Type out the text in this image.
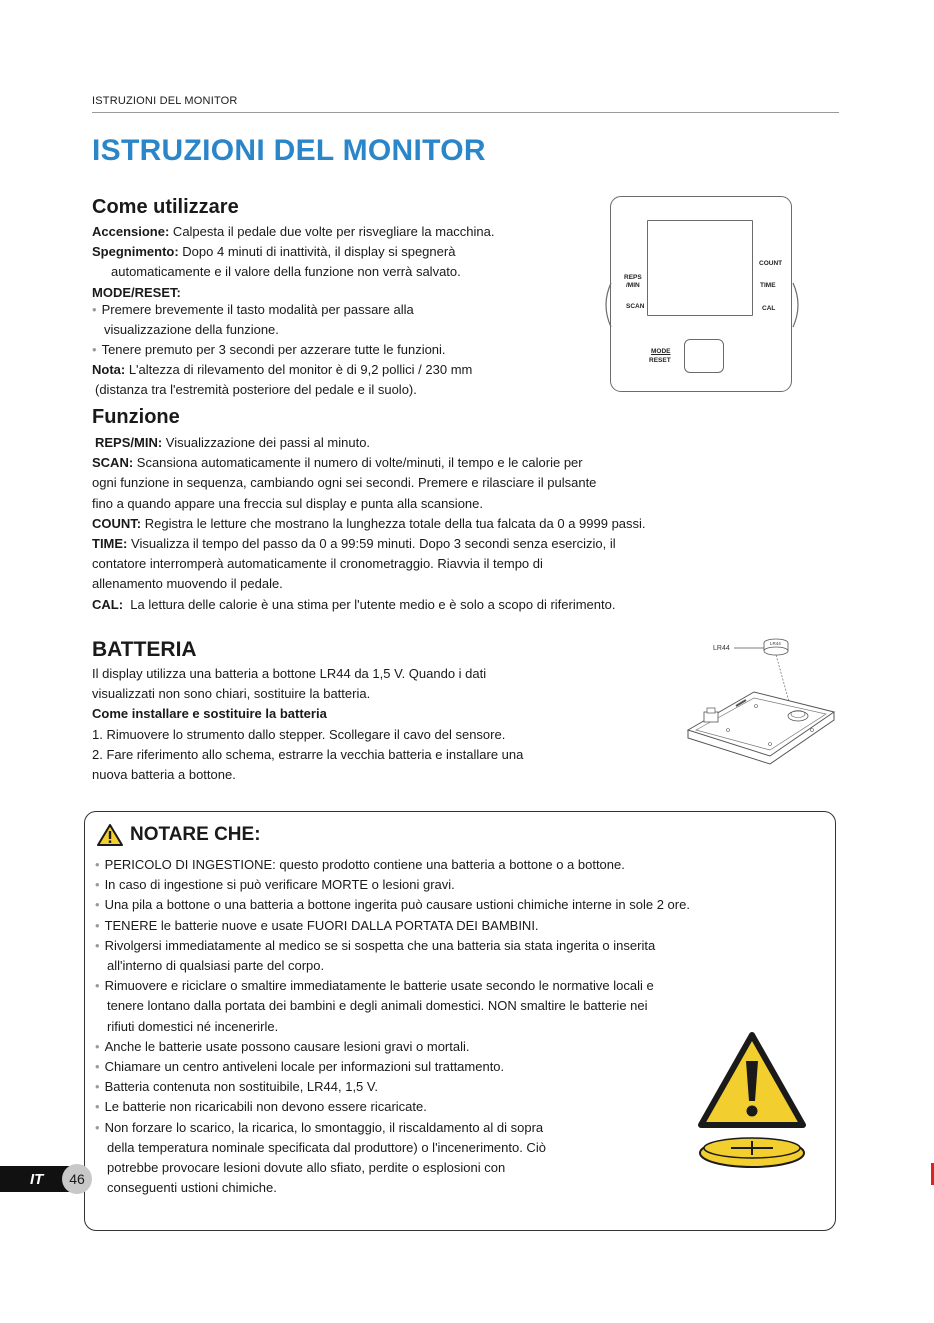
ISTRUZIONI DEL MONITOR
ISTRUZIONI DEL MONITOR
Come utilizzare

Accensione: Calpesta il pedale due volte per risvegliare la macchina.

Spegnimento: Dopo 4 minuti di inattività, il display si spegnerà

automaticamente e il valore della funzione non verrà salvato.

MODE/RESET:

• Premere brevemente il tasto modalità per passare alla

visualizzazione della funzione.

• Tenere premuto per 3 secondi per azzerare tutte le funzioni.

Nota: L'altezza di rilevamento del monitor è di 9,2 pollici / 230 mm

(distanza tra l'estremità posteriore del pedale e il suolo).

REPS
/MIN
SCAN
COUNT
TIME
CAL
MODE
RESET
Funzione

REPS/MIN: Visualizzazione dei passi al minuto.

SCAN: Scansiona automaticamente il numero di volte/minuti, il tempo e le calorie per

ogni funzione in sequenza, cambiando ogni sei secondi. Premere e rilasciare il pulsante

fino a quando appare una freccia sul display e punta alla scansione.

COUNT: Registra le letture che mostrano la lunghezza totale della tua falcata da 0 a 9999 passi.

TIME: Visualizza il tempo del passo da 0 a 99:59 minuti. Dopo 3 secondi senza esercizio, il

contatore interromperà automaticamente il cronometraggio. Riavvia il tempo di

allenamento muovendo il pedale.

CAL:  La lettura delle calorie è una stima per l'utente medio e è solo a scopo di riferimento.

BATTERIA

Il display utilizza una batteria a bottone LR44 da 1,5 V. Quando i dati

visualizzati non sono chiari, sostituire la batteria.

Come installare e sostituire la batteria

1. Rimuovere lo strumento dallo stepper. Scollegare il cavo del sensore.

2. Fare riferimento allo schema, estrarre la vecchia batteria e installare una

nuova batteria a bottone.

LR44
LR44
NOTARE CHE:

• PERICOLO DI INGESTIONE: questo prodotto contiene una batteria a bottone o a bottone.

• In caso di ingestione si può verificare MORTE o lesioni gravi.

• Una pila a bottone o una batteria a bottone ingerita può causare ustioni chimiche interne in sole 2 ore.

• TENERE le batterie nuove e usate FUORI DALLA PORTATA DEI BAMBINI.

• Rivolgersi immediatamente al medico se si sospetta che una batteria sia stata ingerita o inserita

all'interno di qualsiasi parte del corpo.

• Rimuovere e riciclare o smaltire immediatamente le batterie usate secondo le normative locali e

tenere lontano dalla portata dei bambini e degli animali domestici. NON smaltire le batterie nei

rifiuti domestici né incenerirle.

• Anche le batterie usate possono causare lesioni gravi o mortali.

• Chiamare un centro antiveleni locale per informazioni sul trattamento.

• Batteria contenuta non sostituibile, LR44, 1,5 V.

• Le batterie non ricaricabili non devono essere ricaricate.

• Non forzare lo scarico, la ricarica, lo smontaggio, il riscaldamento al di sopra

della temperatura nominale specificata dal produttore) o l'incenerimento. Ciò

potrebbe provocare lesioni dovute allo sfiato, perdite o esplosioni con

conseguenti ustioni chimiche.

IT	46
